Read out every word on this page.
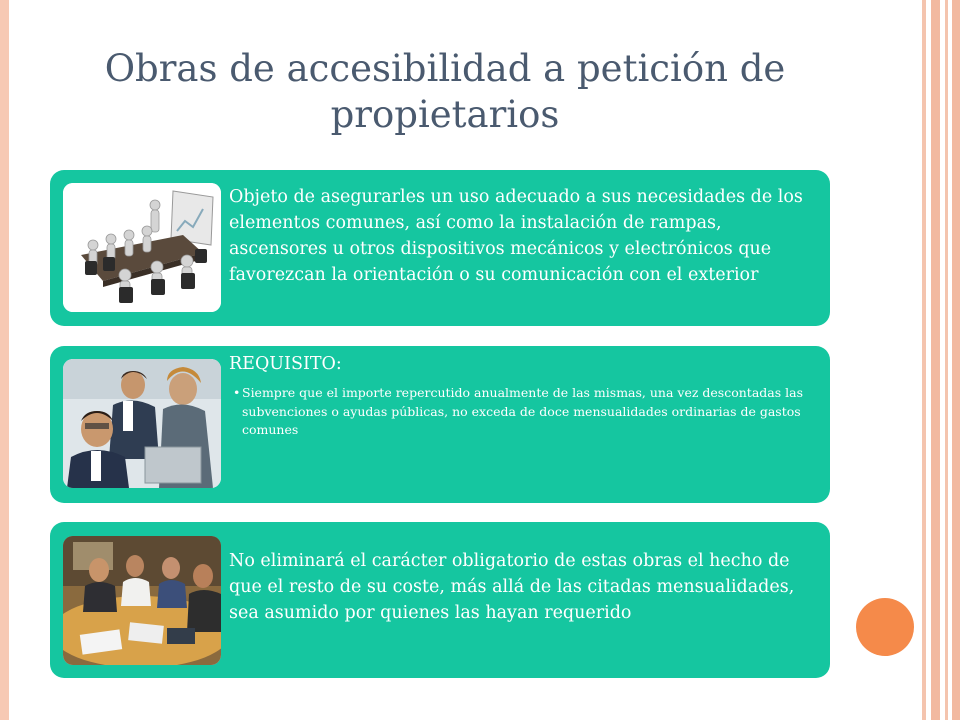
Obras de accesibilidad a petición de propietarios
Objeto de asegurarles un uso adecuado a sus necesidades de los elementos comunes, así como la instalación de rampas, ascensores u otros dispositivos mecánicos y electrónicos que favorezcan la orientación o su comunicación con el exterior
REQUISITO:
• Siempre que el importe repercutido anualmente de las mismas, una vez descontadas las subvenciones o ayudas públicas, no exceda de doce mensualidades ordinarias de gastos comunes
No eliminará el carácter obligatorio de estas obras el hecho de que el resto de su coste, más allá de las citadas mensualidades, sea asumido por quienes las hayan requerido
